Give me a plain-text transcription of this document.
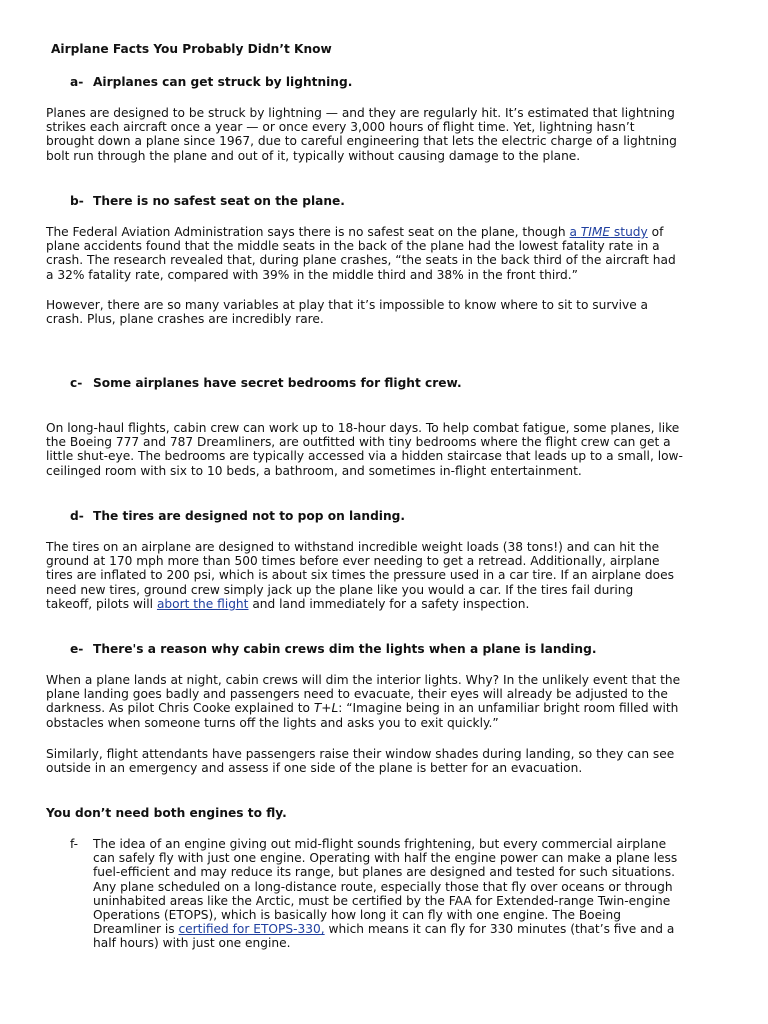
Airplane Facts You Probably Didn’t Know
a- Airplanes can get struck by lightning.
Planes are designed to be struck by lightning — and they are regularly hit. It’s estimated that lightning
strikes each aircraft once a year — or once every 3,000 hours of flight time. Yet, lightning hasn’t
brought down a plane since 1967, due to careful engineering that lets the electric charge of a lightning
bolt run through the plane and out of it, typically without causing damage to the plane.
b- There is no safest seat on the plane.
The Federal Aviation Administration says there is no safest seat on the plane, though a TIME study of
plane accidents found that the middle seats in the back of the plane had the lowest fatality rate in a
crash. The research revealed that, during plane crashes, “the seats in the back third of the aircraft had
a 32% fatality rate, compared with 39% in the middle third and 38% in the front third.”
However, there are so many variables at play that it’s impossible to know where to sit to survive a
crash. Plus, plane crashes are incredibly rare.
c- Some airplanes have secret bedrooms for flight crew.
On long-haul flights, cabin crew can work up to 18-hour days. To help combat fatigue, some planes, like
the Boeing 777 and 787 Dreamliners, are outfitted with tiny bedrooms where the flight crew can get a
little shut-eye. The bedrooms are typically accessed via a hidden staircase that leads up to a small, low-
ceilinged room with six to 10 beds, a bathroom, and sometimes in-flight entertainment.
d- The tires are designed not to pop on landing.
The tires on an airplane are designed to withstand incredible weight loads (38 tons!) and can hit the
ground at 170 mph more than 500 times before ever needing to get a retread. Additionally, airplane
tires are inflated to 200 psi, which is about six times the pressure used in a car tire. If an airplane does
need new tires, ground crew simply jack up the plane like you would a car. If the tires fail during
takeoff, pilots will abort the flight and land immediately for a safety inspection.
e- There's a reason why cabin crews dim the lights when a plane is landing.
When a plane lands at night, cabin crews will dim the interior lights. Why? In the unlikely event that the
plane landing goes badly and passengers need to evacuate, their eyes will already be adjusted to the
darkness. As pilot Chris Cooke explained to T+L: “Imagine being in an unfamiliar bright room filled with
obstacles when someone turns off the lights and asks you to exit quickly.”
Similarly, flight attendants have passengers raise their window shades during landing, so they can see
outside in an emergency and assess if one side of the plane is better for an evacuation.
You don’t need both engines to fly.
f- The idea of an engine giving out mid-flight sounds frightening, but every commercial airplane
can safely fly with just one engine. Operating with half the engine power can make a plane less
fuel-efficient and may reduce its range, but planes are designed and tested for such situations.
Any plane scheduled on a long-distance route, especially those that fly over oceans or through
uninhabited areas like the Arctic, must be certified by the FAA for Extended-range Twin-engine
Operations (ETOPS), which is basically how long it can fly with one engine. The Boeing
Dreamliner is certified for ETOPS-330, which means it can fly for 330 minutes (that’s five and a
half hours) with just one engine.
